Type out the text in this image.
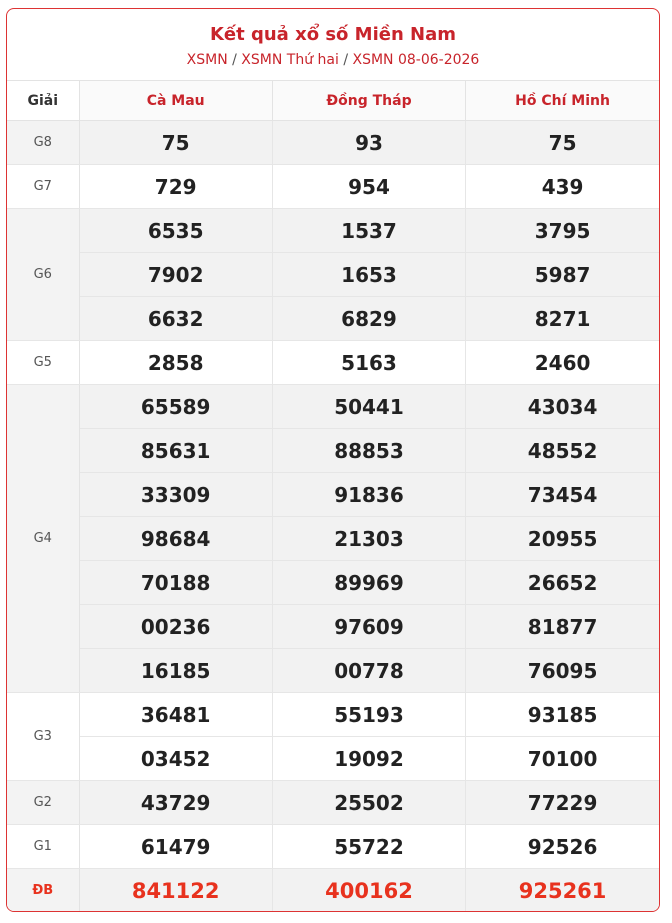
Kết quả xổ số Miền Nam
XSMN / XSMN Thứ hai / XSMN 08-06-2026
Giải	Cà Mau	Đồng Tháp	Hồ Chí Minh
G8	75	93	75
G7	729	954	439
G6	6535	1537	3795
	7902	1653	5987
	6632	6829	8271
G5	2858	5163	2460
G4	65589	50441	43034
	85631	88853	48552
	33309	91836	73454
	98684	21303	20955
	70188	89969	26652
	00236	97609	81877
	16185	00778	76095
G3	36481	55193	93185
	03452	19092	70100
G2	43729	25502	77229
G1	61479	55722	92526
ĐB	841122	400162	925261
